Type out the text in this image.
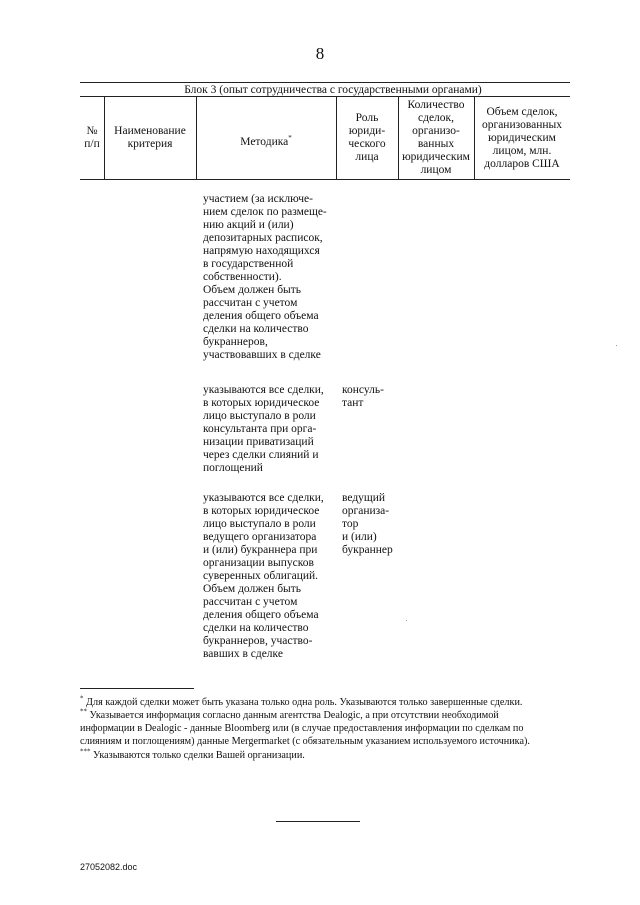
8
Блок 3 (опыт сотрудничества с государственными органами)
№
п/п
Наименование
критерия	Методика*
Роль
юриди-
ческого
лица
Количество
сделок,
организо-
ванных
юридическим
лицом
Объем сделок,
организованных
юридическим
лицом, млн.
долларов США
участием (за исключе-
нием сделок по размеще-
нию акций и (или)
депозитарных расписок,
напрямую находящихся
в государственной
собственности).
Объем должен быть
рассчитан с учетом
деления общего объема
сделки на количество
букраннеров,
участвовавших в сделке
указываются все сделки,
в которых юридическое
лицо выступало в роли
консультанта при орга-
низации приватизаций
через сделки слияний и
поглощений
консуль-
тант
указываются все сделки,
в которых юридическое
лицо выступало в роли
ведущего организатора
и (или) букраннера при
организации выпусков
суверенных облигаций.
Объем должен быть
рассчитан с учетом
деления общего объема
сделки на количество
букраннеров, участво-
вавших в сделке
ведущий
организа-
тор
и (или)
букраннер
* Для каждой сделки может быть указана только одна роль. Указываются только завершенные сделки.
** Указывается информация согласно данным агентства Dealogic, а при отсутствии необходимой
информации в Dealogic - данные Bloomberg или (в случае предоставления информации по сделкам по
слияниям и поглощениям) данные Mergermarket (с обязательным указанием используемого источника).
*** Указываются только сделки Вашей организации.
27052082.doc
